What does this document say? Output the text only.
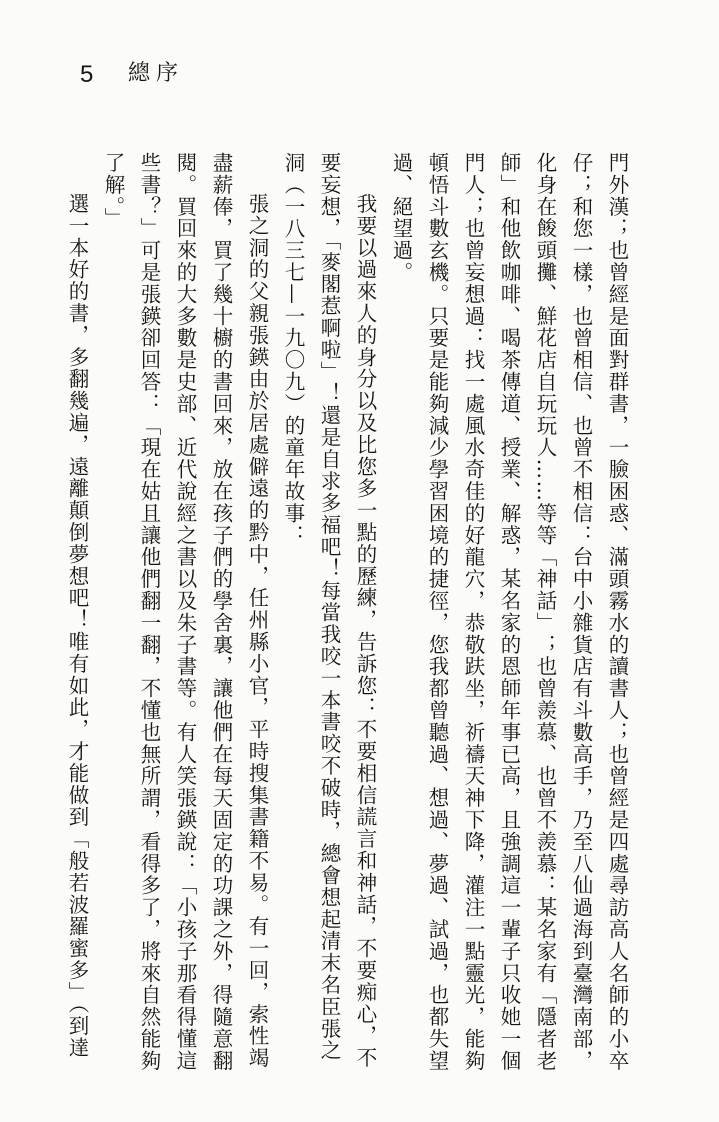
5 總序

門外漢；也曾經是面對群書，一臉困惑、滿頭霧水的讀書人；也曾經是四處尋訪高人名師的小卒仔；和您一樣，也曾相信、也曾不相信：台中小雜貨店有斗數高手，乃至八仙過海到臺灣南部，化身在餕頭攤、鮮花店自玩玩人……等等「神話」；也曾羨慕、也曾不羨慕：某名家有「隱者老師」和他飲咖啡、喝茶傳道、授業、解惑，某名家的恩師年事已高，且強調這一輩子只收她一個門人；也曾妄想過：找一處風水奇佳的好龍穴，恭敬趺坐，祈禱天神下降，灌注一點靈光，能夠頓悟斗數玄機。只要是能夠減少學習困境的捷徑，您我都曾聽過、想過、夢過、試過，也都失望過、絕望過。

我要以過來人的身分以及比您多一點的歷練，告訴您：不要相信謊言和神話，不要痴心，不要妄想，「麥閣惹啊啦」！還是自求多福吧！每當我咬一本書咬不破時，總會想起清末名臣張之洞（一八三七—一九〇九）的童年故事：

張之洞的父親張鍈由於居處僻遠的黔中，任州縣小官，平時搜集書籍不易。有一回，索性竭盡薪俸，買了幾十櫥的書回來，放在孩子們的學舍裏，讓他們在每天固定的功課之外，得隨意翻閱。買回來的大多數是史部、近代說經之書以及朱子書等。有人笑張鍈說：「小孩子那看得懂這些書？」可是張鍈卻回答：「現在姑且讓他們翻一翻，不懂也無所謂，看得多了，將來自然能夠了解。」

選一本好的書，多翻幾遍，遠離顛倒夢想吧！唯有如此，才能做到「般若波羅蜜多」（到達
